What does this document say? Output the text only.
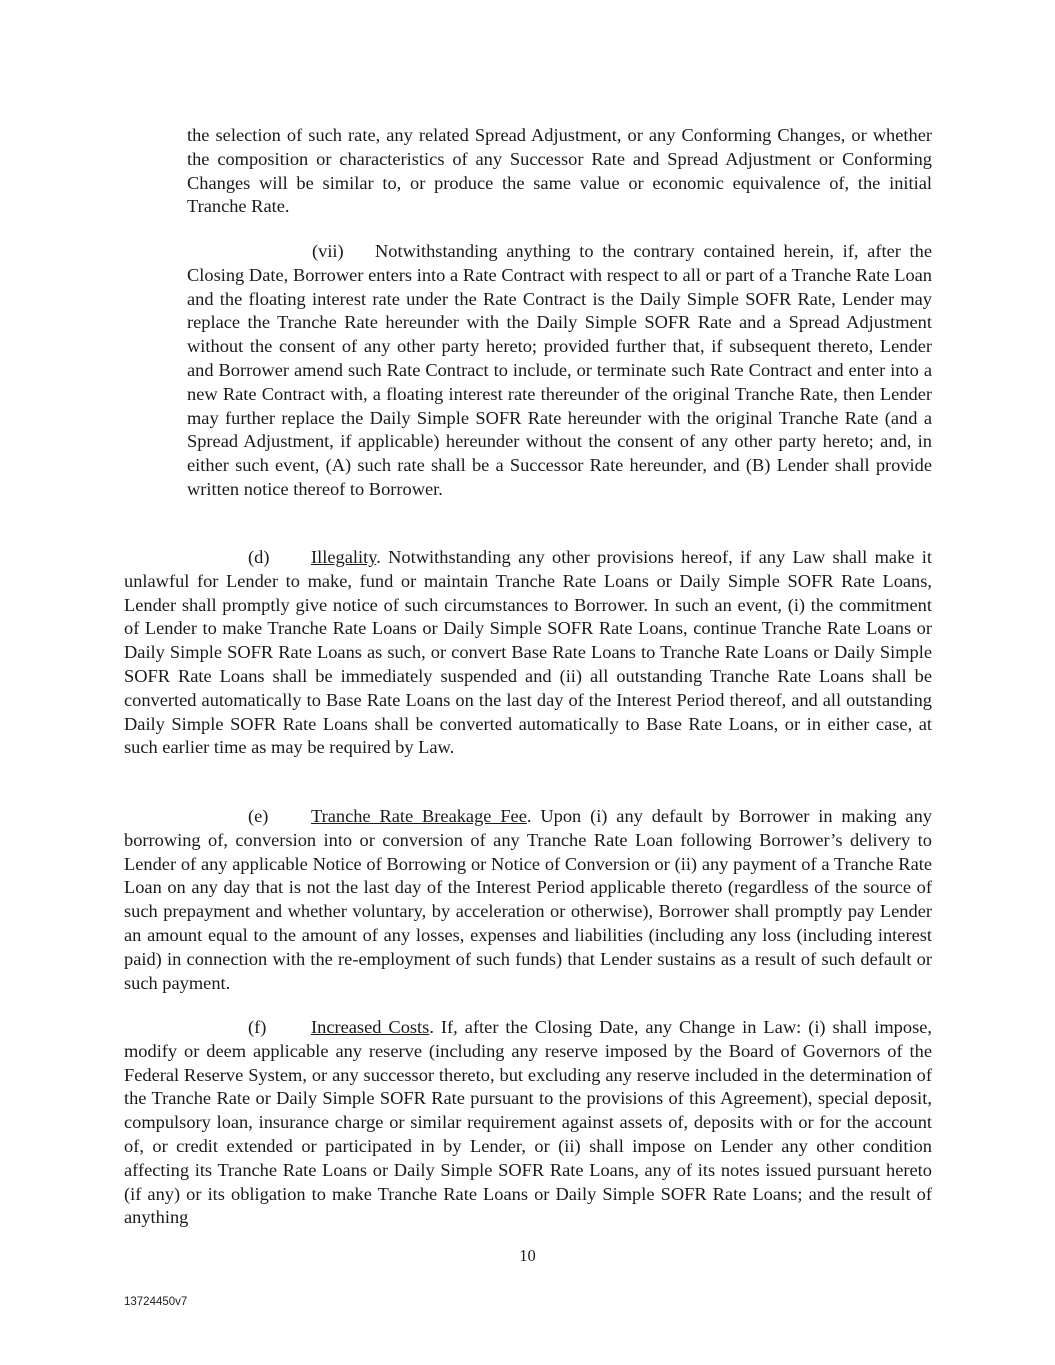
the selection of such rate, any related Spread Adjustment, or any Conforming Changes, or whether the composition or characteristics of any Successor Rate and Spread Adjustment or Conforming Changes will be similar to, or produce the same value or economic equivalence of, the initial Tranche Rate.

(vii) Notwithstanding anything to the contrary contained herein, if, after the Closing Date, Borrower enters into a Rate Contract with respect to all or part of a Tranche Rate Loan and the floating interest rate under the Rate Contract is the Daily Simple SOFR Rate, Lender may replace the Tranche Rate hereunder with the Daily Simple SOFR Rate and a Spread Adjustment without the consent of any other party hereto; provided further that, if subsequent thereto, Lender and Borrower amend such Rate Contract to include, or terminate such Rate Contract and enter into a new Rate Contract with, a floating interest rate thereunder of the original Tranche Rate, then Lender may further replace the Daily Simple SOFR Rate hereunder with the original Tranche Rate (and a Spread Adjustment, if applicable) hereunder without the consent of any other party hereto; and, in either such event, (A) such rate shall be a Successor Rate hereunder, and (B) Lender shall provide written notice thereof to Borrower.

(d) Illegality. Notwithstanding any other provisions hereof, if any Law shall make it unlawful for Lender to make, fund or maintain Tranche Rate Loans or Daily Simple SOFR Rate Loans, Lender shall promptly give notice of such circumstances to Borrower. In such an event, (i) the commitment of Lender to make Tranche Rate Loans or Daily Simple SOFR Rate Loans, continue Tranche Rate Loans or Daily Simple SOFR Rate Loans as such, or convert Base Rate Loans to Tranche Rate Loans or Daily Simple SOFR Rate Loans shall be immediately suspended and (ii) all outstanding Tranche Rate Loans shall be converted automatically to Base Rate Loans on the last day of the Interest Period thereof, and all outstanding Daily Simple SOFR Rate Loans shall be converted automatically to Base Rate Loans, or in either case, at such earlier time as may be required by Law.

(e) Tranche Rate Breakage Fee. Upon (i) any default by Borrower in making any borrowing of, conversion into or conversion of any Tranche Rate Loan following Borrower’s delivery to Lender of any applicable Notice of Borrowing or Notice of Conversion or (ii) any payment of a Tranche Rate Loan on any day that is not the last day of the Interest Period applicable thereto (regardless of the source of such prepayment and whether voluntary, by acceleration or otherwise), Borrower shall promptly pay Lender an amount equal to the amount of any losses, expenses and liabilities (including any loss (including interest paid) in connection with the re-employment of such funds) that Lender sustains as a result of such default or such payment.

(f) Increased Costs. If, after the Closing Date, any Change in Law: (i) shall impose, modify or deem applicable any reserve (including any reserve imposed by the Board of Governors of the Federal Reserve System, or any successor thereto, but excluding any reserve included in the determination of the Tranche Rate or Daily Simple SOFR Rate pursuant to the provisions of this Agreement), special deposit, compulsory loan, insurance charge or similar requirement against assets of, deposits with or for the account of, or credit extended or participated in by Lender, or (ii) shall impose on Lender any other condition affecting its Tranche Rate Loans or Daily Simple SOFR Rate Loans, any of its notes issued pursuant hereto (if any) or its obligation to make Tranche Rate Loans or Daily Simple SOFR Rate Loans; and the result of anything

10
13724450v7
